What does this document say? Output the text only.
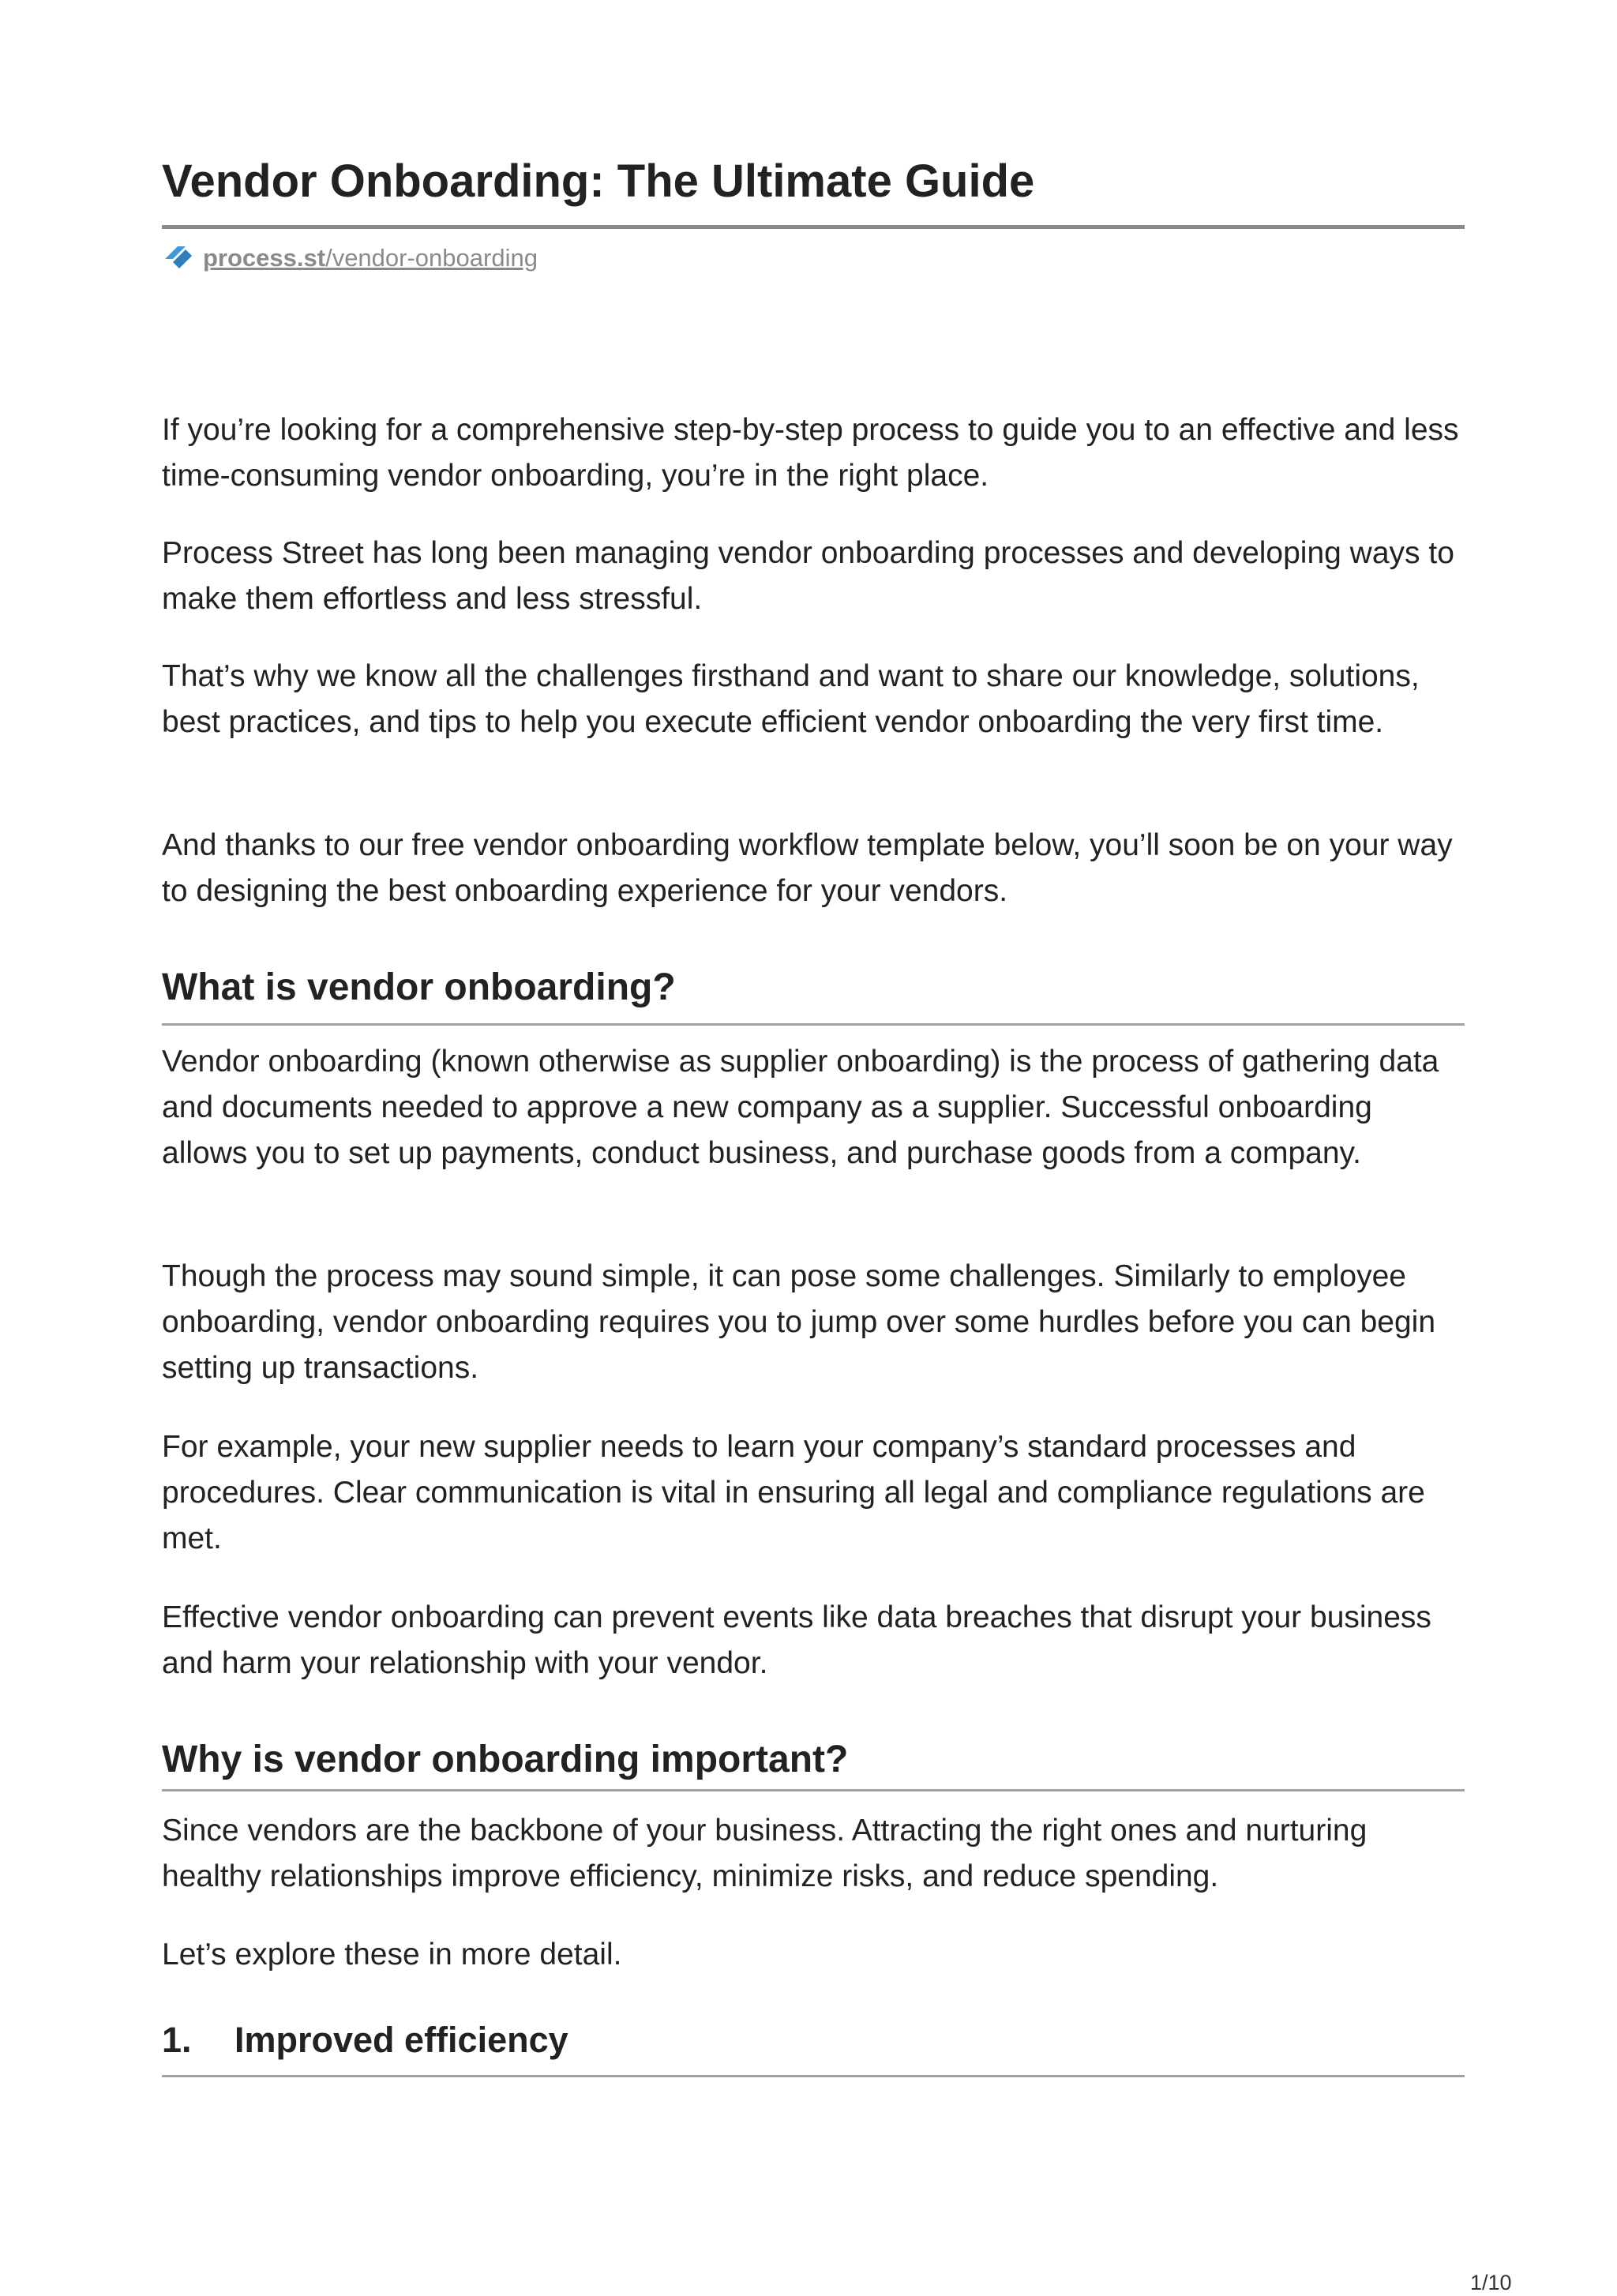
Vendor Onboarding: The Ultimate Guide
process.st /vendor-onboarding

If you’re looking for a comprehensive step-by-step process to guide you to an effective and less time-consuming vendor onboarding, you’re in the right place.

Process Street has long been managing vendor onboarding processes and developing ways to make them effortless and less stressful.

That’s why we know all the challenges firsthand and want to share our knowledge, solutions, best practices, and tips to help you execute efficient vendor onboarding the very first time.

And thanks to our free vendor onboarding workflow template below, you’ll soon be on your way to designing the best onboarding experience for your vendors.

What is vendor onboarding?

Vendor onboarding (known otherwise as supplier onboarding) is the process of gathering data and documents needed to approve a new company as a supplier. Successful onboarding allows you to set up payments, conduct business, and purchase goods from a company.

Though the process may sound simple, it can pose some challenges. Similarly to employee onboarding, vendor onboarding requires you to jump over some hurdles before you can begin setting up transactions.

For example, your new supplier needs to learn your company’s standard processes and procedures. Clear communication is vital in ensuring all legal and compliance regulations are met.

Effective vendor onboarding can prevent events like data breaches that disrupt your business and harm your relationship with your vendor.

Why is vendor onboarding important?

Since vendors are the backbone of your business. Attracting the right ones and nurturing healthy relationships improve efficiency, minimize risks, and reduce spending.

Let’s explore these in more detail.

1. Improved efficiency
1/10
